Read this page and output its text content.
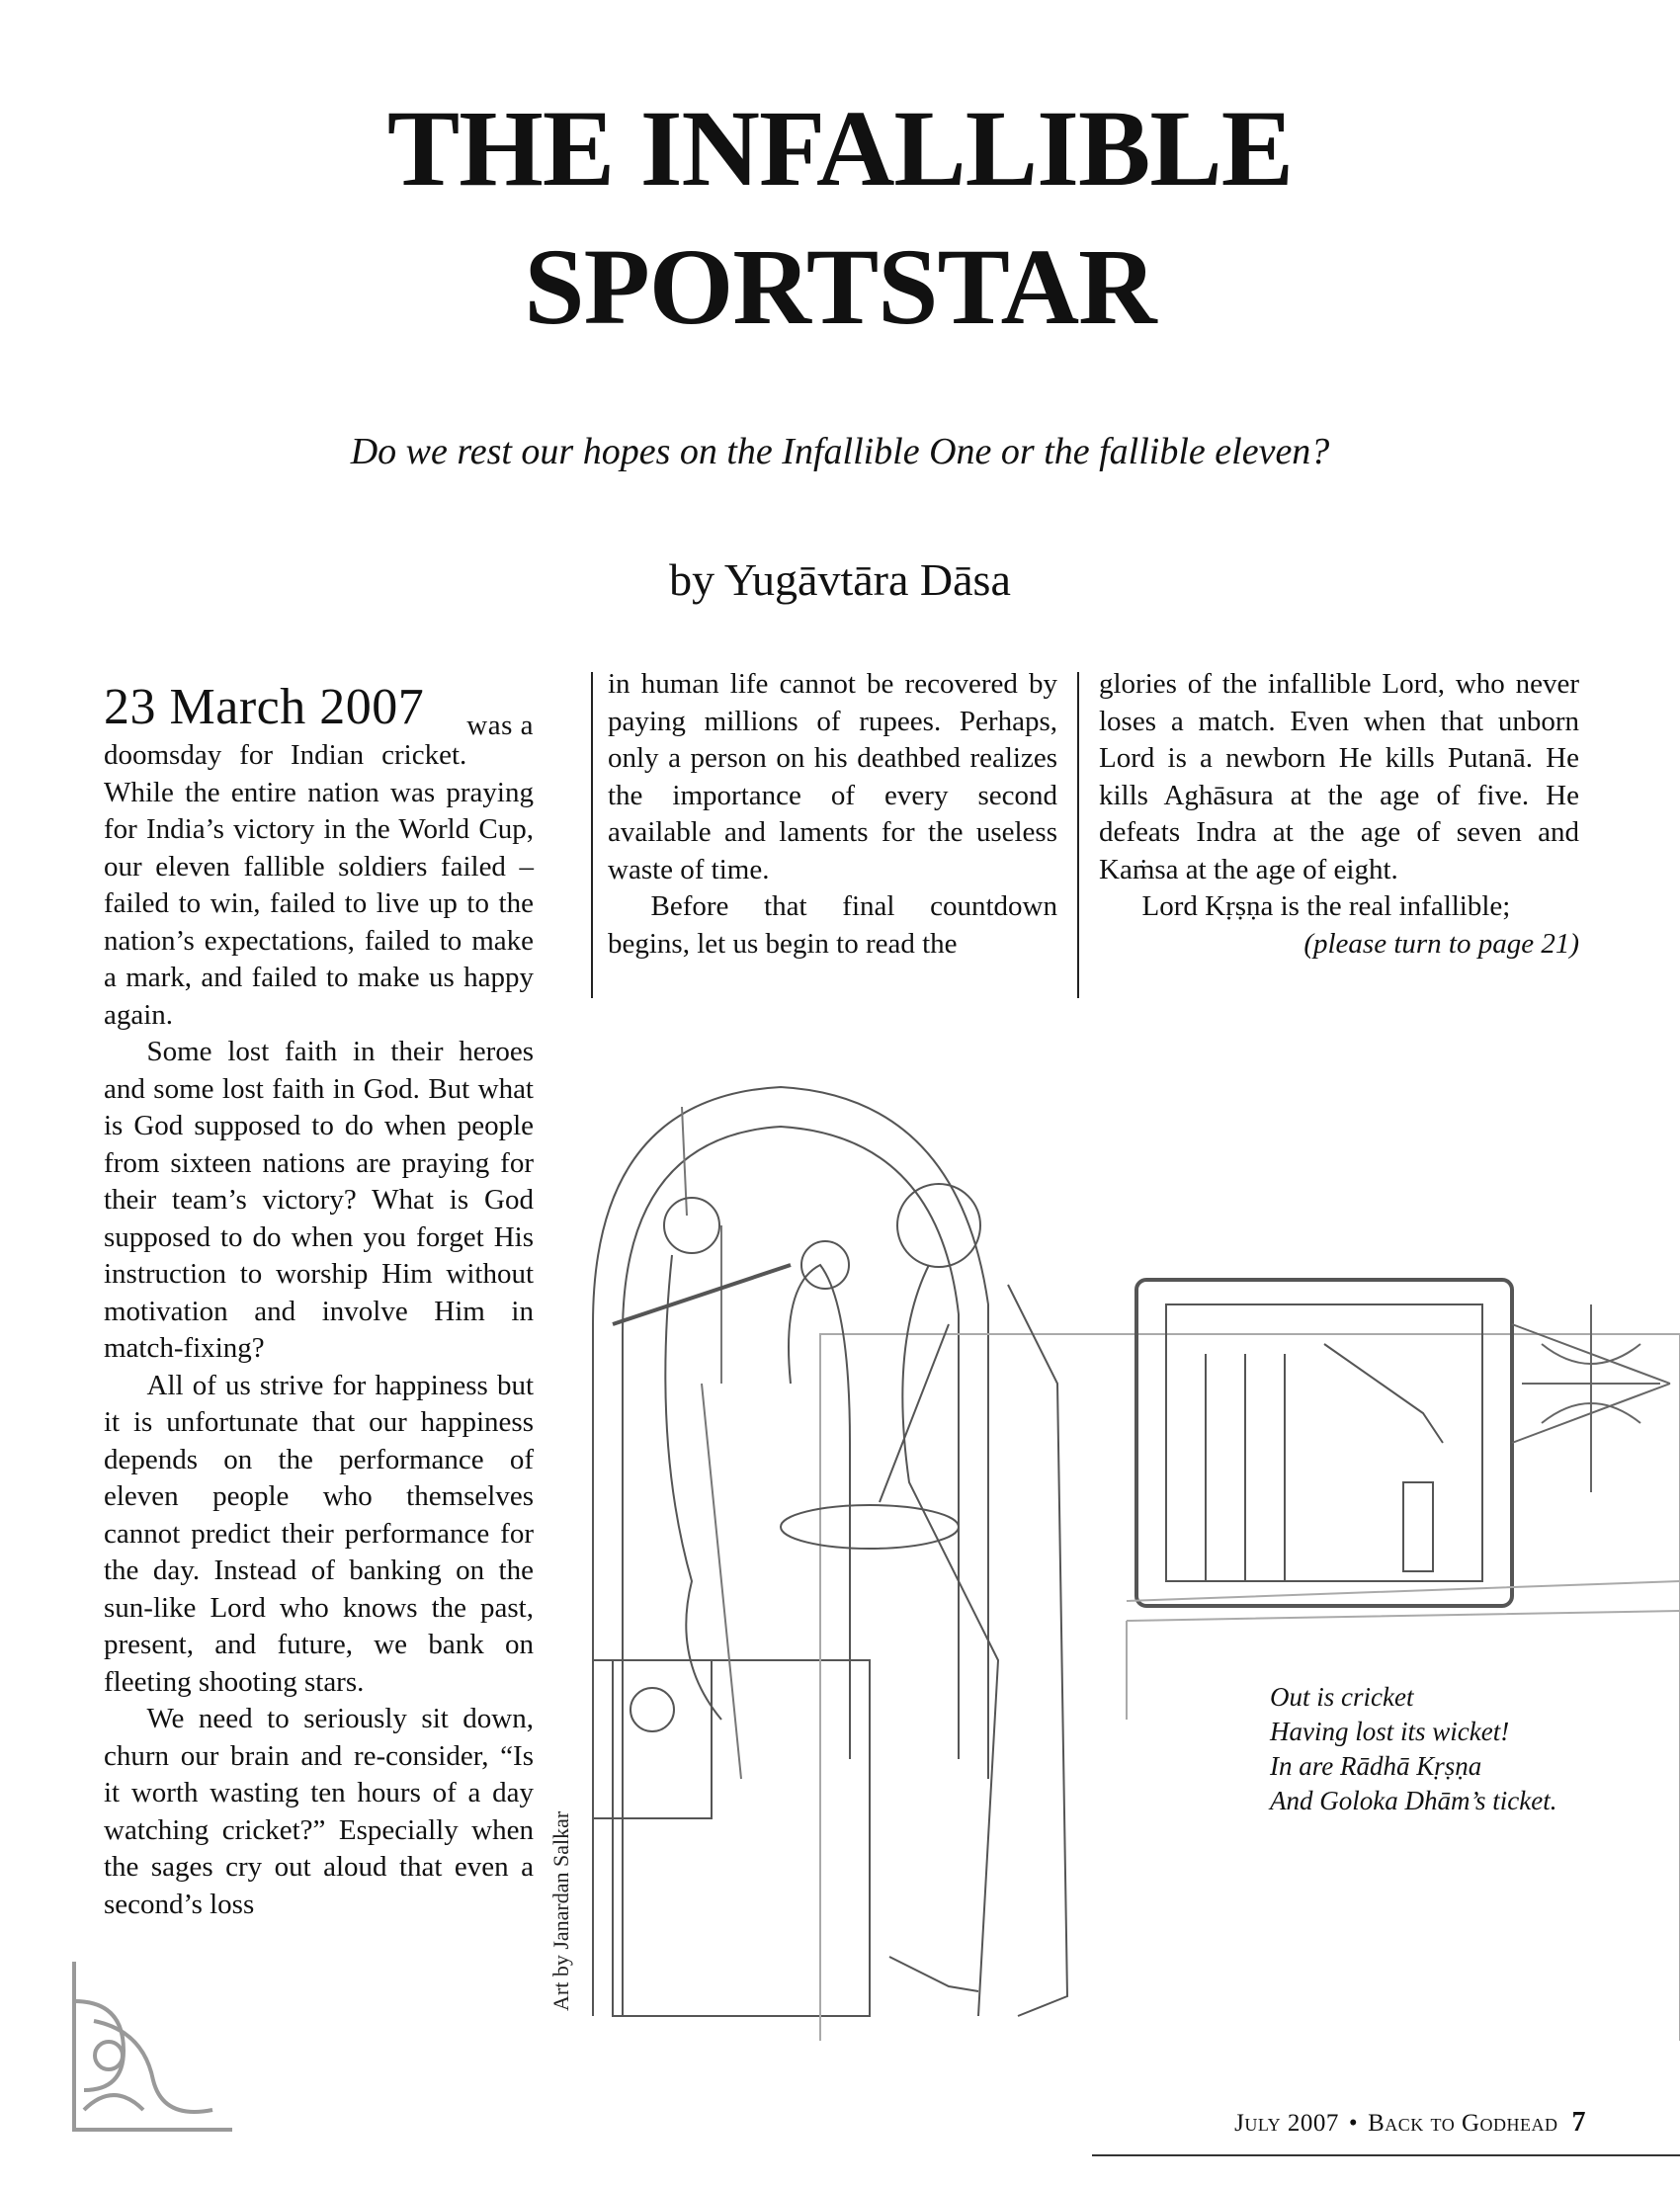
THE INFALLIBLE
SPORTSTAR
Do we rest our hopes on the Infallible One or the fallible eleven?
by Yugāvtāra Dāsa
was a
23 March 2007

doomsday for Indian cricket. While the entire nation was praying for India’s victory in the World Cup, our eleven fallible soldiers failed – failed to win, failed to live up to the nation’s expectations, failed to make a mark, and failed to make us happy again.

Some lost faith in their heroes and some lost faith in God. But what is God supposed to do when people from sixteen nations are praying for their team’s victory? What is God supposed to do when you forget His instruction to worship Him without motivation and involve Him in match-fixing?

All of us strive for happiness but it is unfortunate that our happiness depends on the performance of eleven people who themselves cannot predict their performance for the day. Instead of banking on the sun-like Lord who knows the past, present, and future, we bank on fleeting shooting stars.

We need to seriously sit down, churn our brain and re-consider, “Is it worth wasting ten hours of a day watching cricket?” Especially when the sages cry out aloud that even a second’s loss

in human life cannot be recovered by paying millions of rupees. Perhaps, only a person on his deathbed realizes the importance of every second available and laments for the useless waste of time.

Before that final countdown begins, let us begin to read the

glories of the infallible Lord, who never loses a match. Even when that unborn Lord is a newborn He kills Putanā. He kills Aghāsura at the age of five. He defeats Indra at the age of seven and Kaṁsa at the age of eight.

Lord Kṛṣṇa is the real infallible;

(please turn to page 21)
Art by Janardan Salkar
Out is cricket
Having lost its wicket!
In are Rādhā Kṛṣṇa
And Goloka Dhām’s ticket.
July 2007 • Back to Godhead 7
